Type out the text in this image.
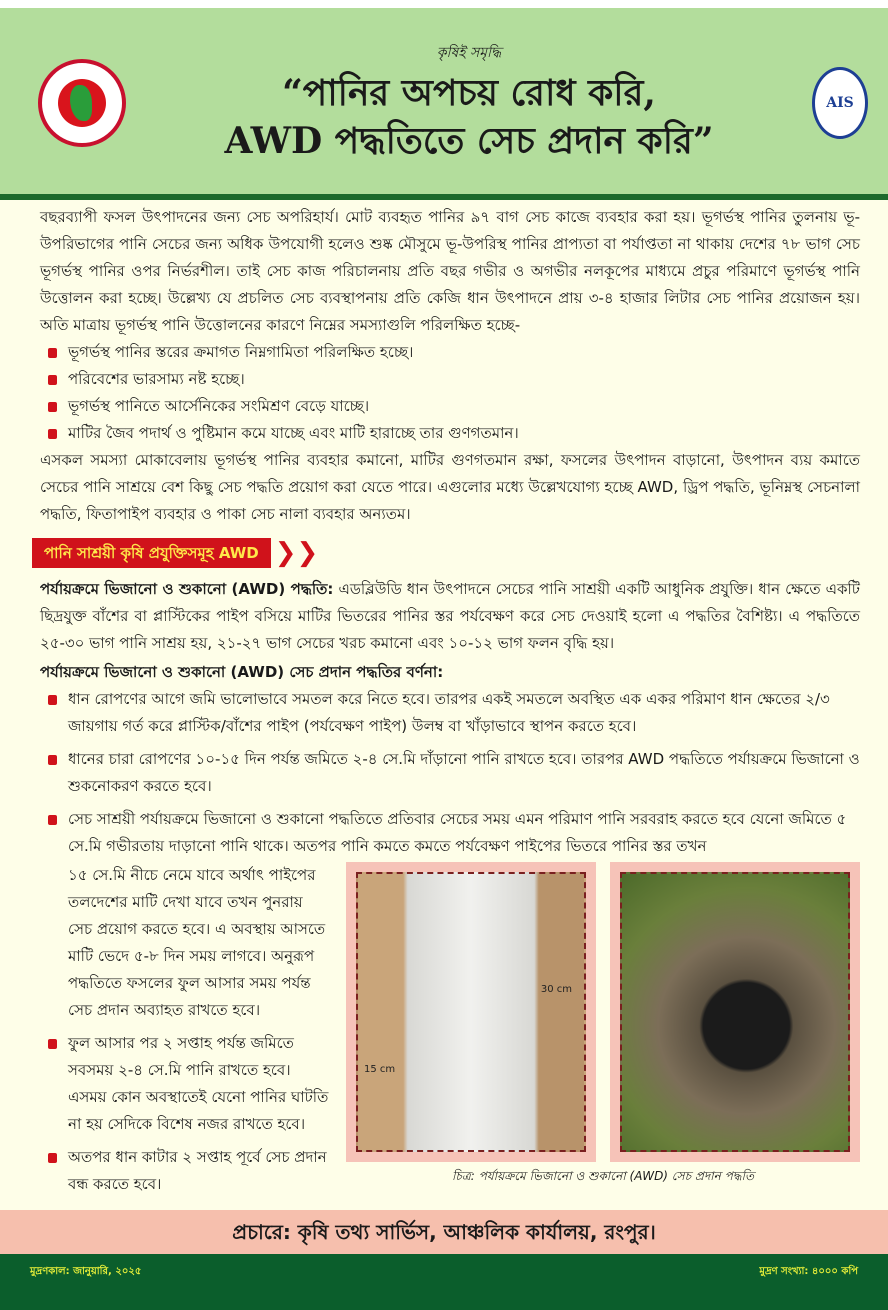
কৃষিই সমৃদ্ধি
“পানির অপচয় রোধ করি,
AWD পদ্ধতিতে সেচ প্রদান করি”
AIS
বছরব্যাপী ফসল উৎপাদনের জন্য সেচ অপরিহার্য। মোট ব্যবহৃত পানির ৯৭ বাগ সেচ কাজে ব্যবহার করা হয়। ভূগর্ভস্থ পানির তুলনায় ভূ-উপরিভাগের পানি সেচের জন্য অধিক উপযোগী হলেও শুষ্ক মৌসুমে ভূ-উপরিস্থ পানির প্রাপ্যতা বা পর্যাপ্ততা না থাকায় দেশের ৭৮ ভাগ সেচ ভূগর্ভস্থ পানির ওপর নির্ভরশীল। তাই সেচ কাজ পরিচালনায় প্রতি বছর গভীর ও অগভীর নলকূপের মাধ্যমে প্রচুর পরিমাণে ভূগর্ভস্থ পানি উত্তোলন করা হচ্ছে। উল্লেখ্য যে প্রচলিত সেচ ব্যবস্থাপনায় প্রতি কেজি ধান উৎপাদনে প্রায় ৩-৪ হাজার লিটার সেচ পানির প্রয়োজন হয়। অতি মাত্রায় ভূগর্ভস্থ পানি উত্তোলনের কারণে নিম্নের সমস্যাগুলি পরিলক্ষিত হচ্ছে-
ভূগর্ভস্থ পানির স্তরের ক্রমাগত নিম্নগামিতা পরিলক্ষিত হচ্ছে।
পরিবেশের ভারসাম্য নষ্ট হচ্ছে।
ভূগর্ভস্থ পানিতে আর্সেনিকের সংমিশ্রণ বেড়ে যাচ্ছে।
মাটির জৈব পদার্থ ও পুষ্টিমান কমে যাচ্ছে এবং মাটি হারাচ্ছে তার গুণগতমান।
এসকল সমস্যা মোকাবেলায় ভূগর্ভস্থ পানির ব্যবহার কমানো, মাটির গুণগতমান রক্ষা, ফসলের উৎপাদন বাড়ানো, উৎপাদন ব্যয় কমাতে সেচের পানি সাশ্রয়ে বেশ কিছু সেচ পদ্ধতি প্রয়োগ করা যেতে পারে। এগুলোর মধ্যে উল্লেখযোগ্য হচ্ছে AWD, ড্রিপ পদ্ধতি, ভূনিম্নস্থ সেচনালা পদ্ধতি, ফিতাপাইপ ব্যবহার ও পাকা সেচ নালা ব্যবহার অন্যতম।
পানি সাশ্রয়ী কৃষি প্রযুক্তিসমূহ AWD ❯❯
পর্যায়ক্রমে ভিজানো ও শুকানো (AWD) পদ্ধতি: এডব্লিউডি ধান উৎপাদনে সেচের পানি সাশ্রয়ী একটি আধুনিক প্রযুক্তি। ধান ক্ষেতে একটি ছিদ্রযুক্ত বাঁশের বা প্লাস্টিকের পাইপ বসিয়ে মাটির ভিতরের পানির স্তর পর্যবেক্ষণ করে সেচ দেওয়াই হলো এ পদ্ধতির বৈশিষ্ট্য। এ পদ্ধতিতে ২৫-৩০ ভাগ পানি সাশ্রয় হয়, ২১-২৭ ভাগ সেচের খরচ কমানো এবং ১০-১২ ভাগ ফলন বৃদ্ধি হয়।
পর্যায়ক্রমে ভিজানো ও শুকানো (AWD) সেচ প্রদান পদ্ধতির বর্ণনা:
ধান রোপণের আগে জমি ভালোভাবে সমতল করে নিতে হবে। তারপর একই সমতলে অবস্থিত এক একর পরিমাণ ধান ক্ষেতের ২/৩ জায়গায় গর্ত করে প্লাস্টিক/বাঁশের পাইপ (পর্যবেক্ষণ পাইপ) উলম্ব বা খাঁড়াভাবে স্থাপন করতে হবে।
ধানের চারা রোপণের ১০-১৫ দিন পর্যন্ত জমিতে ২-৪ সে.মি দাঁড়ানো পানি রাখতে হবে। তারপর AWD পদ্ধতিতে পর্যায়ক্রমে ভিজানো ও শুকনোকরণ করতে হবে।
সেচ সাশ্রয়ী পর্যায়ক্রমে ভিজানো ও শুকানো পদ্ধতিতে প্রতিবার সেচের সময় এমন পরিমাণ পানি সরবরাহ করতে হবে যেনো জমিতে ৫ সে.মি গভীরতায় দাড়ানো পানি থাকে। অতপর পানি কমতে কমতে পর্যবেক্ষণ পাইপের ভিতরে পানির স্তর তখন
১৫ সে.মি নীচে নেমে যাবে অর্থাৎ পাইপের তলদেশের মাটি দেখা যাবে তখন পুনরায় সেচ প্রয়োগ করতে হবে। এ অবস্থায় আসতে মাটি ভেদে ৫-৮ দিন সময় লাগবে। অনুরূপ পদ্ধতিতে ফসলের ফুল আসার সময় পর্যন্ত সেচ প্রদান অব্যাহত রাখতে হবে।
ফুল আসার পর ২ সপ্তাহ পর্যন্ত জমিতে সবসময় ২-৪ সে.মি পানি রাখতে হবে। এসময় কোন অবস্থাতেই যেনো পানির ঘাটতি না হয় সেদিকে বিশেষ নজর রাখতে হবে।
অতপর ধান কাটার ২ সপ্তাহ পূর্বে সেচ প্রদান বন্ধ করতে হবে।
30 cm
15 cm
চিত্র: পর্যায়ক্রমে ভিজানো ও শুকানো (AWD) সেচ প্রদান পদ্ধতি
প্রচারে: কৃষি তথ্য সার্ভিস, আঞ্চলিক কার্যালয়, রংপুর।
মুদ্রণকাল: জানুয়ারি, ২০২৫	মুদ্রণ সংখ্যা: ৪০০০ কপি
